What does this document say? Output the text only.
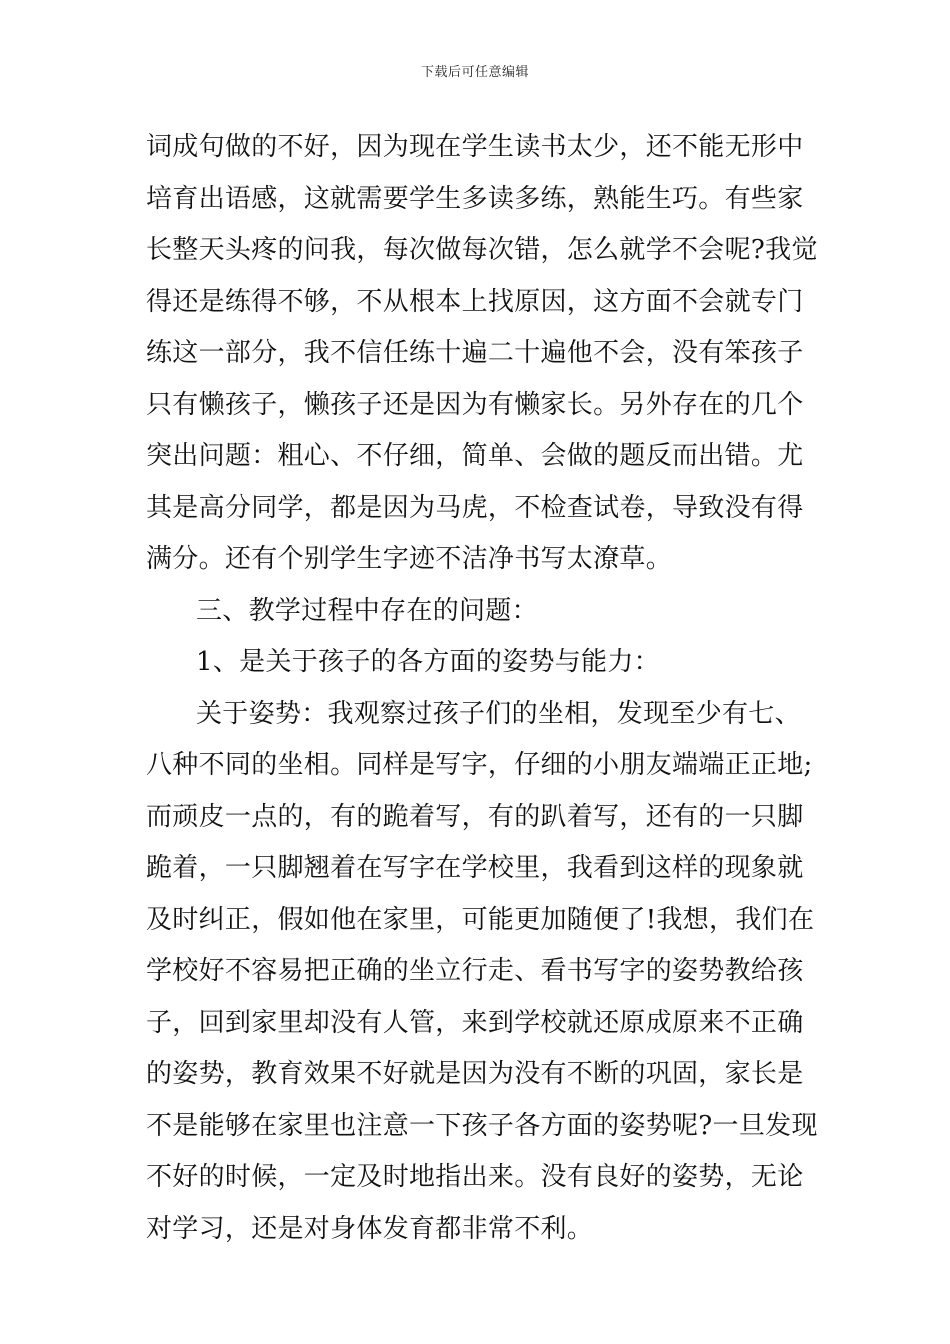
下载后可任意编辑
词成句做的不好，因为现在学生读书太少，还不能无形中
培育出语感，这就需要学生多读多练，熟能生巧。有些家
长整天头疼的问我，每次做每次错，怎么就学不会呢?我觉
得还是练得不够，不从根本上找原因，这方面不会就专门
练这一部分，我不信任练十遍二十遍他不会，没有笨孩子
只有懒孩子，懒孩子还是因为有懒家长。另外存在的几个
突出问题：粗心、不仔细，简单、会做的题反而出错。尤
其是高分同学，都是因为马虎，不检查试卷，导致没有得
满分。还有个别学生字迹不洁净书写太潦草。
三、教学过程中存在的问题：
1、是关于孩子的各方面的姿势与能力：
关于姿势：我观察过孩子们的坐相，发现至少有七、
八种不同的坐相。同样是写字，仔细的小朋友端端正正地;
而顽皮一点的，有的跪着写，有的趴着写，还有的一只脚
跪着，一只脚翘着在写字在学校里，我看到这样的现象就
及时纠正，假如他在家里，可能更加随便了!我想，我们在
学校好不容易把正确的坐立行走、看书写字的姿势教给孩
子，回到家里却没有人管，来到学校就还原成原来不正确
的姿势，教育效果不好就是因为没有不断的巩固，家长是
不是能够在家里也注意一下孩子各方面的姿势呢?一旦发现
不好的时候，一定及时地指出来。没有良好的姿势，无论
对学习，还是对身体发育都非常不利。
